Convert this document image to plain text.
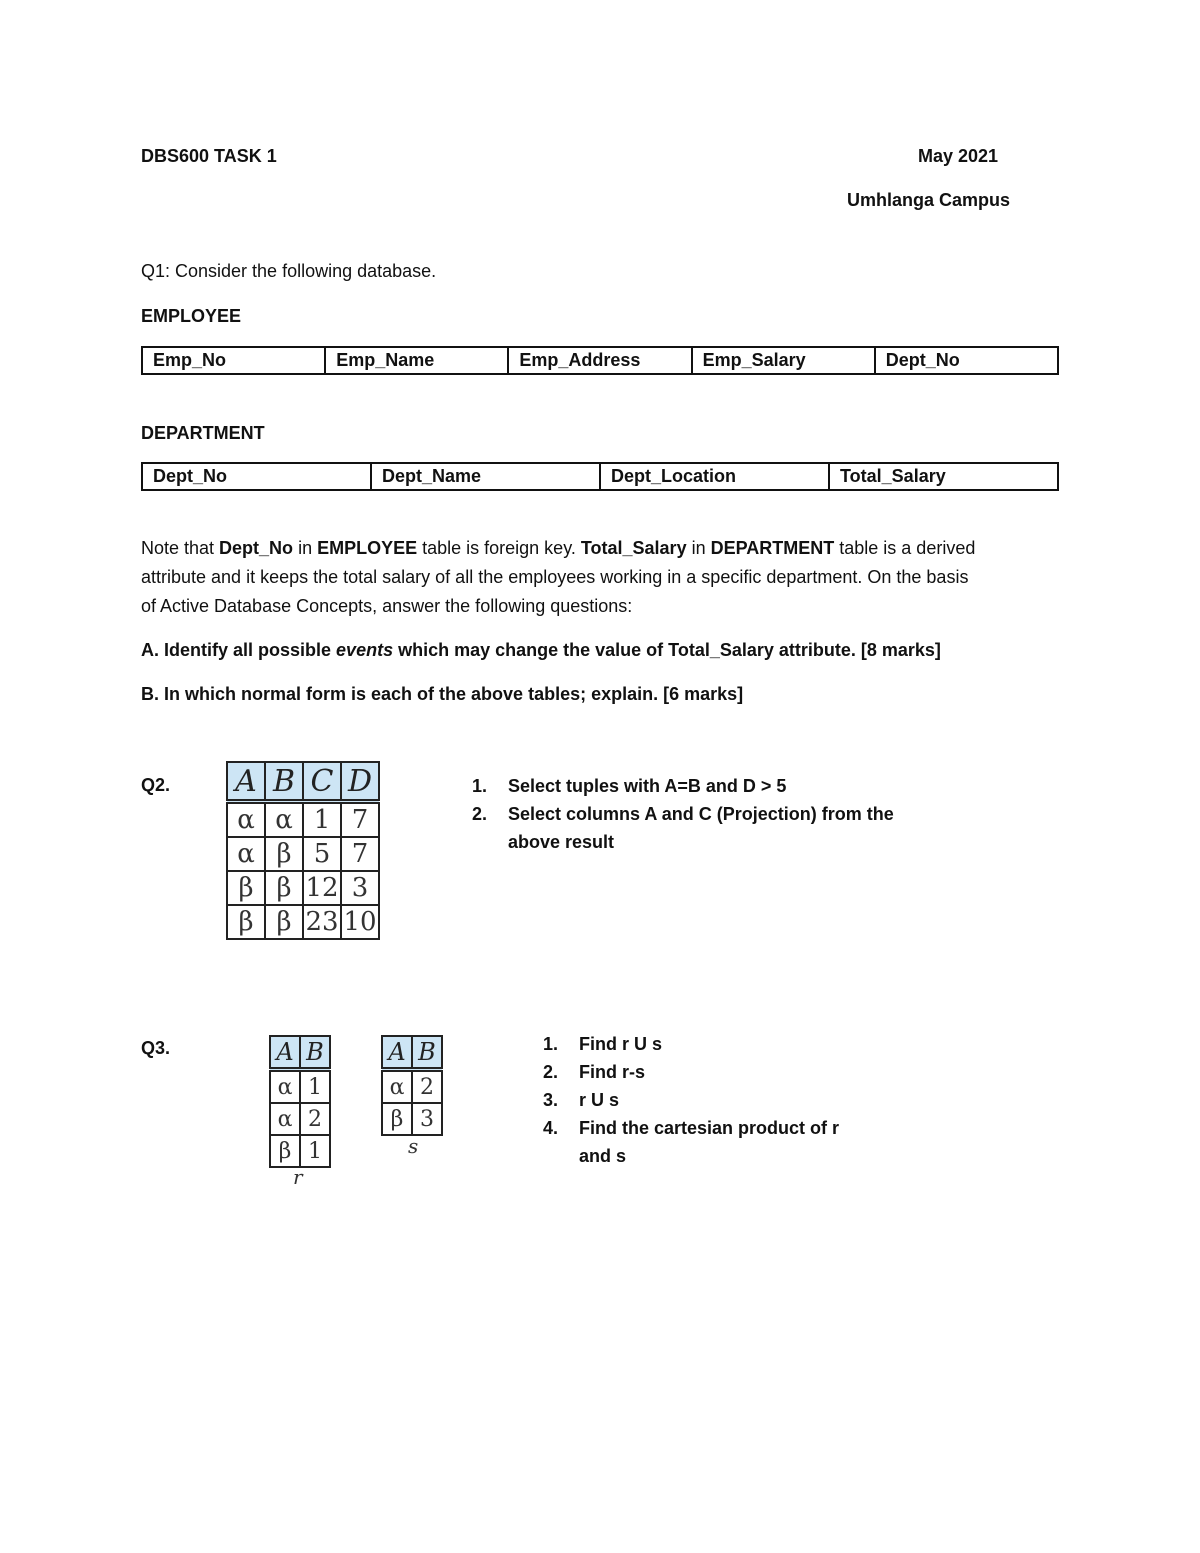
DBS600 TASK 1	May 2021
Umhlanga Campus
Q1: Consider the following database.
EMPLOYEE
Emp_No	Emp_Name	Emp_Address	Emp_Salary	Dept_No
DEPARTMENT
Dept_No	Dept_Name	Dept_Location	Total_Salary
Note that Dept_No in EMPLOYEE table is foreign key. Total_Salary in DEPARTMENT table is a derived
attribute and it keeps the total salary of all the employees working in a specific department. On the basis
of Active Database Concepts, answer the following questions:
A. Identify all possible events which may change the value of Total_Salary attribute. [8 marks]
B. In which normal form is each of the above tables; explain. [6 marks]
Q2. A	B	C	D
α	α	1	7
α	β	5	7
β	β	12	3
β	β	23	10
1. Select tuples with A=B and D > 5
2. Select columns A and C (Projection) from the
above result
Q3.	A	B
α	1
α	2
β	1
r
A	B
α	2
β	3
s
1. Find r U s
2. Find r-s
3. r U s
4. Find the cartesian product of r
and s
